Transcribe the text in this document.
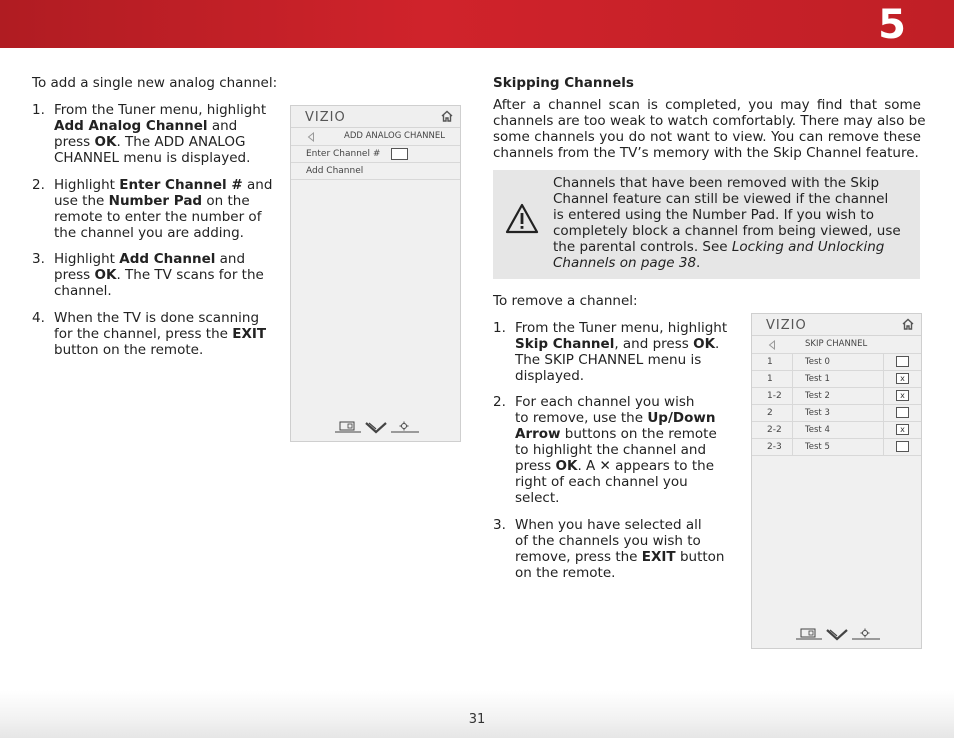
5
To add a single new analog channel:
1. From the Tuner menu, highlight
Add Analog Channel and
press OK. The ADD ANALOG
CHANNEL menu is displayed.
2. Highlight Enter Channel # and
use the Number Pad on the
remote to enter the number of
the channel you are adding.
3. Highlight Add Channel and
press OK. The TV scans for the
channel.
4. When the TV is done scanning
for the channel, press the EXIT
button on the remote.
VIZIO
ADD ANALOG CHANNEL
Enter Channel #
Add Channel
Skipping Channels
After a channel scan is completed, you may find that some
channels are too weak to watch comfortably. There may also be
some channels you do not want to view. You can remove these
channels from the TV’s memory with the Skip Channel feature.
Channels that have been removed with the Skip
Channel feature can still be viewed if the channel
is entered using the Number Pad. If you wish to
completely block a channel from being viewed, use
the parental controls. See Locking and Unlocking
Channels on page 38.
To remove a channel:
1. From the Tuner menu, highlight
Skip Channel, and press OK.
The SKIP CHANNEL menu is
displayed.
2. For each channel you wish
to remove, use the Up/Down
Arrow buttons on the remote
to highlight the channel and
press OK. A ✕ appears to the
right of each channel you
select.
3. When you have selected all
of the channels you wish to
remove, press the EXIT button
on the remote.
VIZIO
SKIP CHANNEL
1	Test 0
1	Test 1	x
1-2	Test 2	x
2	Test 3
2-2	Test 4	x
2-3	Test 5
31
